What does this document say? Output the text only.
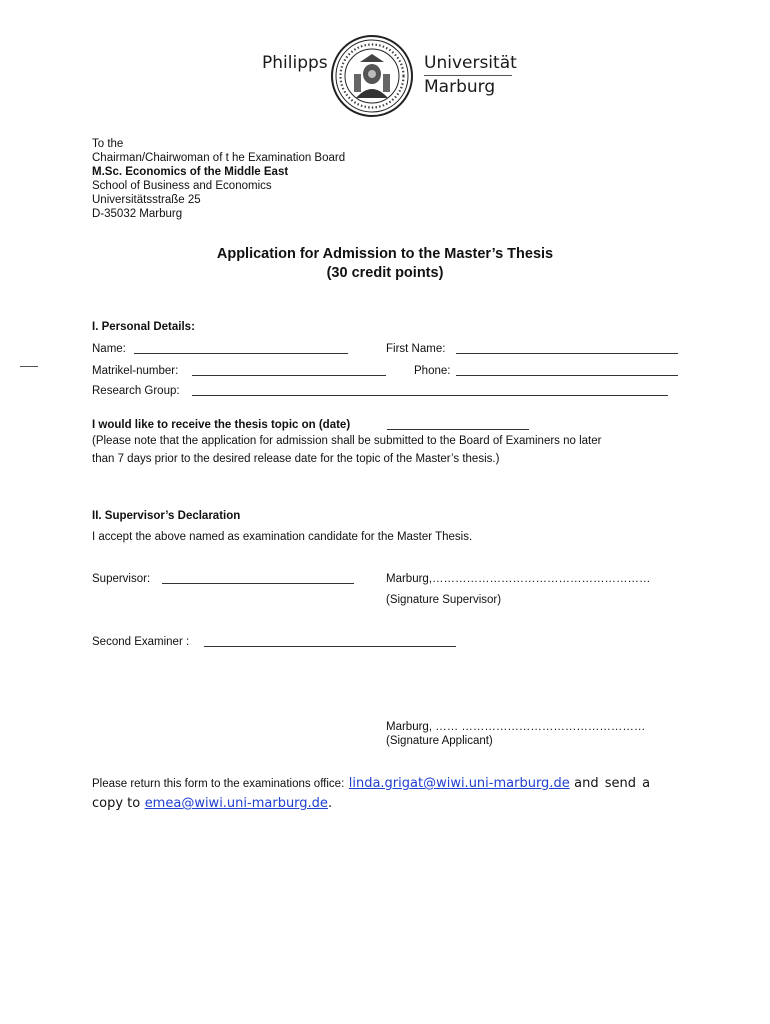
Philipps	Universität
Marburg
To the
Chairman/Chairwoman of t he Examination Board
M.Sc. Economics of the Middle East
School of Business and Economics
Universitätsstraße 25
D-35032 Marburg
Application for Admission to the Master’s Thesis
(30 credit points)
I. Personal Details:
Name:	First Name:
Matrikel-number:	Phone:
Research Group:
I would like to receive the thesis topic on (date)
(Please note that the application for admission shall be submitted to the Board of Examiners no later
than 7 days prior to the desired release date for the topic of the Master’s thesis.)
II. Supervisor’s Declaration
I accept the above named as examination candidate for the Master Thesis.
Supervisor:	Marburg,…………………………………………………
(Signature Supervisor)
Second Examiner :
Marburg, …… …………………………………………
(Signature Applicant)
Please return this form to the examinations office: linda.grigat@wiwi.uni-marburg.de and send a
copy to emea@wiwi.uni-marburg.de.
